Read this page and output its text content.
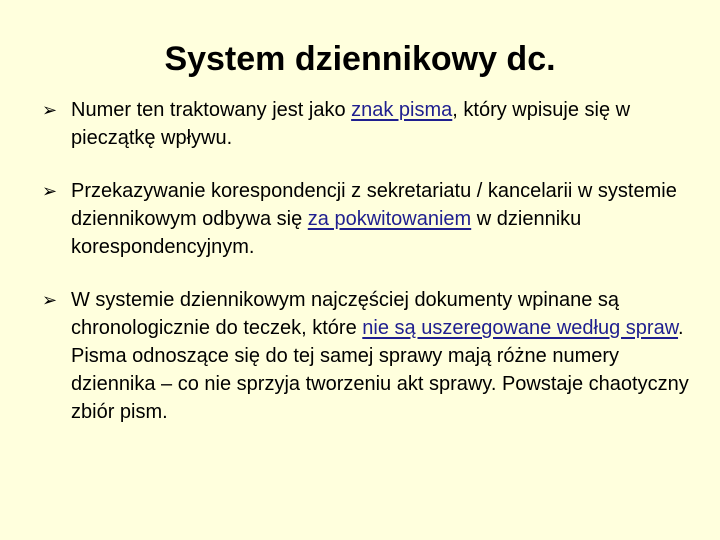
System dziennikowy dc.
➢ Numer ten traktowany jest jako znak pisma, który wpisuje się w pieczątkę wpływu.
➢ Przekazywanie korespondencji z sekretariatu / kancelarii w systemie dziennikowym odbywa się za pokwitowaniem w dzienniku korespondencyjnym.
➢ W systemie dziennikowym najczęściej dokumenty wpinane są chronologicznie do teczek, które nie są uszeregowane według spraw. Pisma odnoszące się do tej samej sprawy mają różne numery dziennika – co nie sprzyja tworzeniu akt sprawy. Powstaje chaotyczny zbiór pism.
